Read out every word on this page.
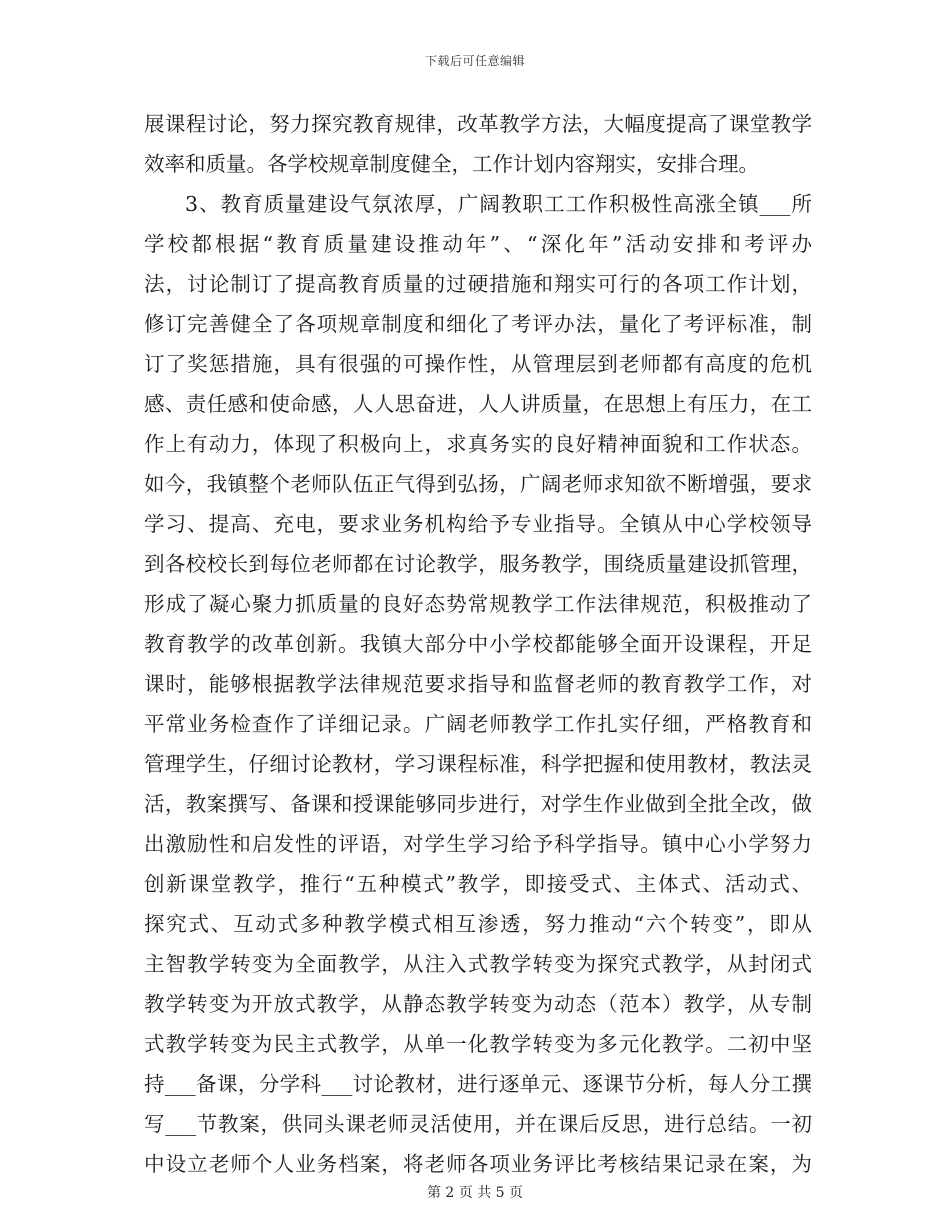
下载后可任意编辑
展课程讨论，努力探究教育规律，改革教学方法，大幅度提高了课堂教学
效率和质量。各学校规章制度健全，工作计划内容翔实，安排合理。
3、教育质量建设气氛浓厚，广阔教职工工作积极性高涨全镇___所
学校都根据“教育质量建设推动年”、“深化年”活动安排和考评办
法，讨论制订了提高教育质量的过硬措施和翔实可行的各项工作计划，
修订完善健全了各项规章制度和细化了考评办法，量化了考评标准，制
订了奖惩措施，具有很强的可操作性，从管理层到老师都有高度的危机
感、责任感和使命感，人人思奋进，人人讲质量，在思想上有压力，在工
作上有动力，体现了积极向上，求真务实的良好精神面貌和工作状态。
如今，我镇整个老师队伍正气得到弘扬，广阔老师求知欲不断增强，要求
学习、提高、充电，要求业务机构给予专业指导。全镇从中心学校领导
到各校校长到每位老师都在讨论教学，服务教学，围绕质量建设抓管理，
形成了凝心聚力抓质量的良好态势常规教学工作法律规范，积极推动了
教育教学的改革创新。我镇大部分中小学校都能够全面开设课程，开足
课时，能够根据教学法律规范要求指导和监督老师的教育教学工作，对
平常业务检查作了详细记录。广阔老师教学工作扎实仔细，严格教育和
管理学生，仔细讨论教材，学习课程标准，科学把握和使用教材，教法灵
活，教案撰写、备课和授课能够同步进行，对学生作业做到全批全改，做
出激励性和启发性的评语，对学生学习给予科学指导。镇中心小学努力
创新课堂教学，推行“五种模式”教学，即接受式、主体式、活动式、
探究式、互动式多种教学模式相互渗透，努力推动“六个转变”，即从
主智教学转变为全面教学，从注入式教学转变为探究式教学，从封闭式
教学转变为开放式教学，从静态教学转变为动态（范本）教学，从专制
式教学转变为民主式教学，从单一化教学转变为多元化教学。二初中坚
持___备课，分学科___讨论教材，进行逐单元、逐课节分析，每人分工撰
写___节教案，供同头课老师灵活使用，并在课后反思，进行总结。一初
中设立老师个人业务档案，将老师各项业务评比考核结果记录在案，为
第 2 页 共 5 页
